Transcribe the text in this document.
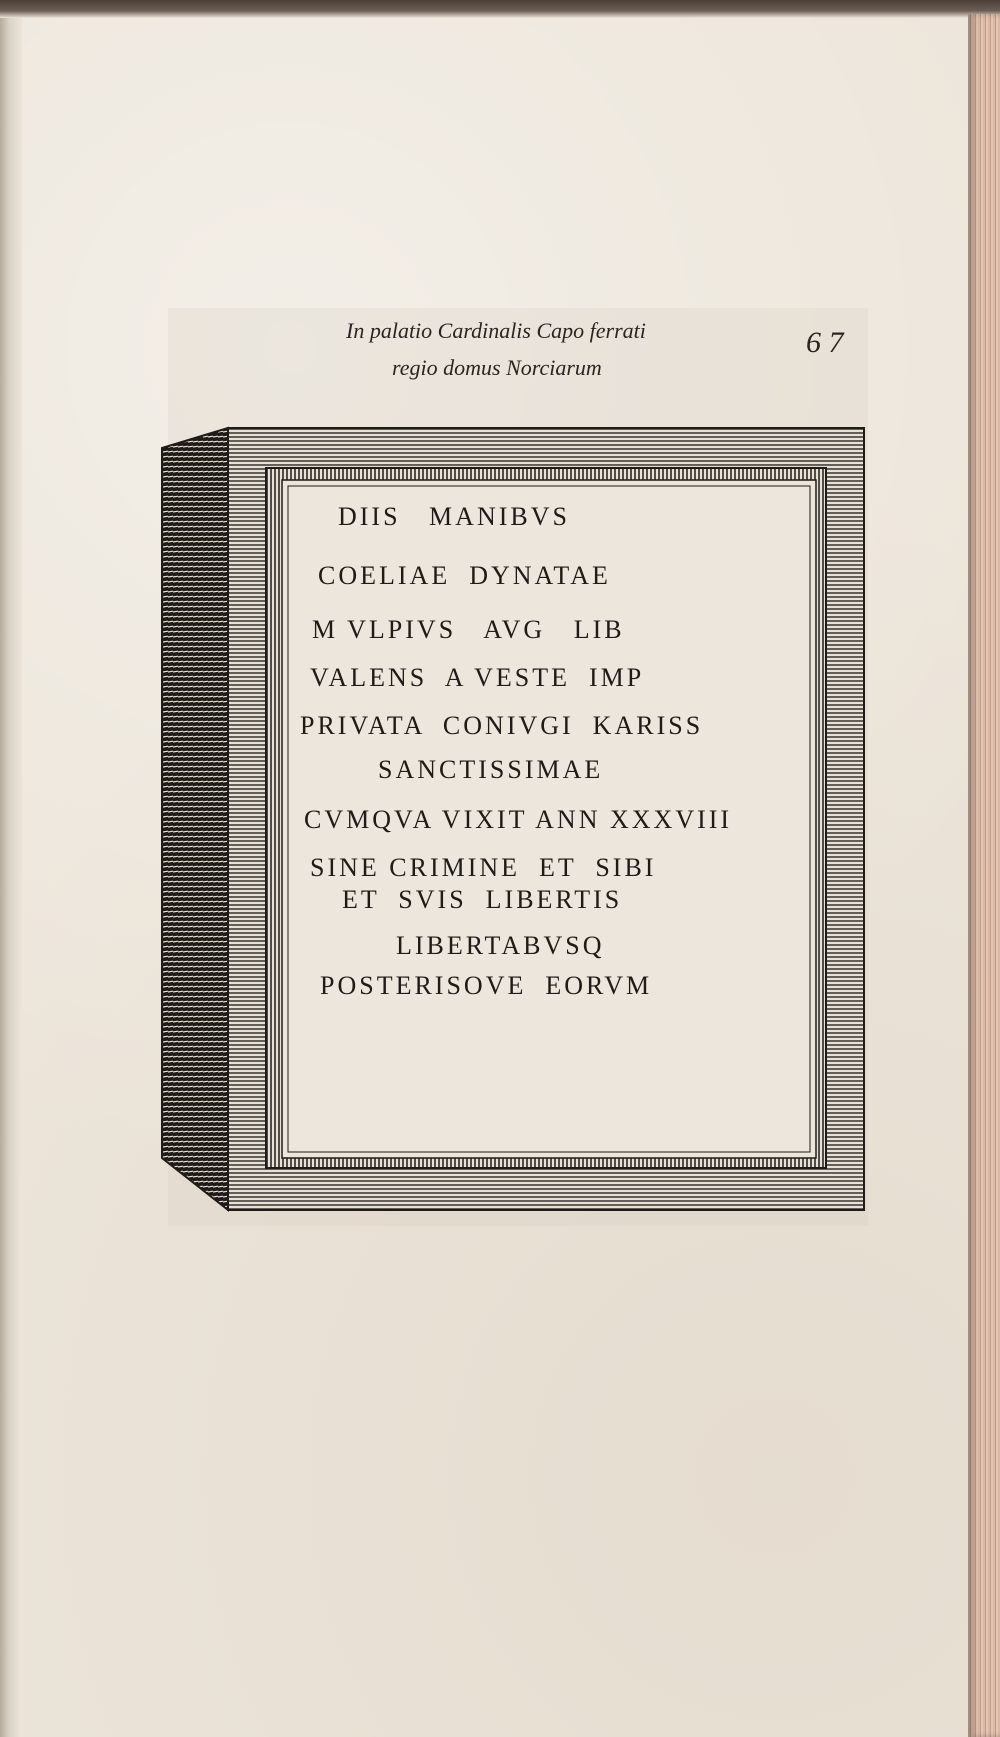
In palatio Cardinalis Capo ferrati
regio domus Norciarum
6 7
DIIS   MANIBVS
COELIAE  DYNATAE
M VLPIVS   AVG   LIB
VALENS  A VESTE  IMP
PRIVATA  CONIVGI  KARISS
SANCTISSIMAE
CVMQVA VIXIT ANN XXXVIII
SINE CRIMINE  ET  SIBI
ET  SVIS  LIBERTIS
LIBERTABVSQ
POSTERISOVE  EORVM
